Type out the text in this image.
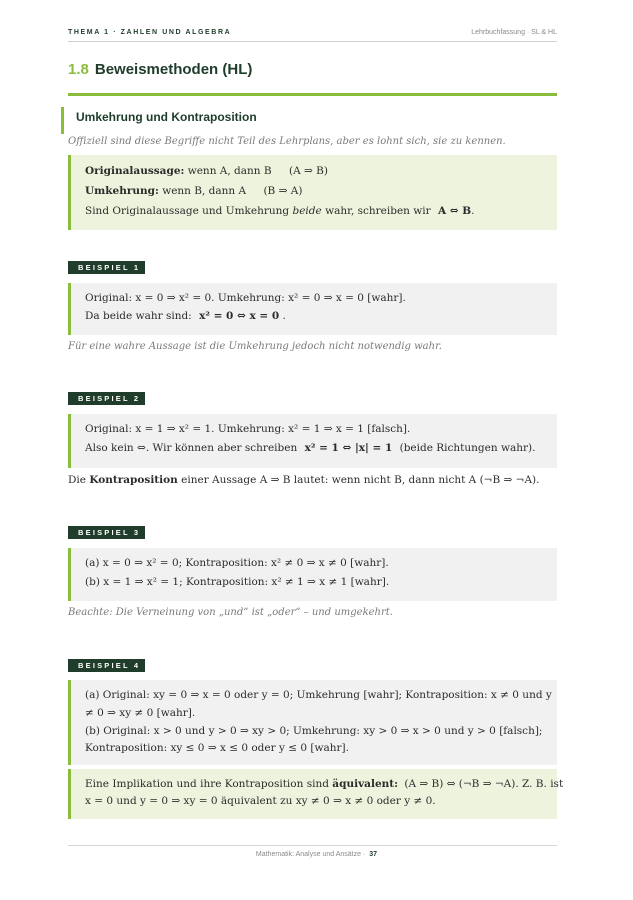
THEMA 1 · ZAHLEN UND ALGEBRA	Lehrbuchfassung · SL & HL
1.8 Beweismethoden (HL)
Umkehrung und Kontraposition
Offiziell sind diese Begriffe nicht Teil des Lehrplans, aber es lohnt sich, sie zu kennen.
Originalaussage: wenn A, dann B (A ⇒ B)
Umkehrung: wenn B, dann A (B ⇒ A)
Sind Originalaussage und Umkehrung beide wahr, schreiben wir A ⇔ B.
BEISPIEL 1
Original: x = 0 ⇒ x² = 0. Umkehrung: x² = 0 ⇒ x = 0 [wahr].
Da beide wahr sind: x² = 0 ⇔ x = 0 .
Für eine wahre Aussage ist die Umkehrung jedoch nicht notwendig wahr.
BEISPIEL 2
Original: x = 1 ⇒ x² = 1. Umkehrung: x² = 1 ⇒ x = 1 [falsch].
Also kein ⇔. Wir können aber schreiben x² = 1 ⇔ |x| = 1 (beide Richtungen wahr).
Die Kontraposition einer Aussage A ⇒ B lautet: wenn nicht B, dann nicht A (¬B ⇒ ¬A).
BEISPIEL 3
(a) x = 0 ⇒ x² = 0; Kontraposition: x² ≠ 0 ⇒ x ≠ 0 [wahr].
(b) x = 1 ⇒ x² = 1; Kontraposition: x² ≠ 1 ⇒ x ≠ 1 [wahr].
Beachte: Die Verneinung von „und“ ist „oder“ – und umgekehrt.
BEISPIEL 4
(a) Original: xy = 0 ⇒ x = 0 oder y = 0; Umkehrung [wahr]; Kontraposition: x ≠ 0 und y
≠ 0 ⇒ xy ≠ 0 [wahr].
(b) Original: x > 0 und y > 0 ⇒ xy > 0; Umkehrung: xy > 0 ⇒ x > 0 und y > 0 [falsch];
Kontraposition: xy ≤ 0 ⇒ x ≤ 0 oder y ≤ 0 [wahr].
Eine Implikation und ihre Kontraposition sind äquivalent: (A ⇒ B) ⇔ (¬B ⇒ ¬A). Z. B. ist
x = 0 und y = 0 ⇒ xy = 0 äquivalent zu xy ≠ 0 ⇒ x ≠ 0 oder y ≠ 0.
Mathematik: Analyse und Ansätze · 37
